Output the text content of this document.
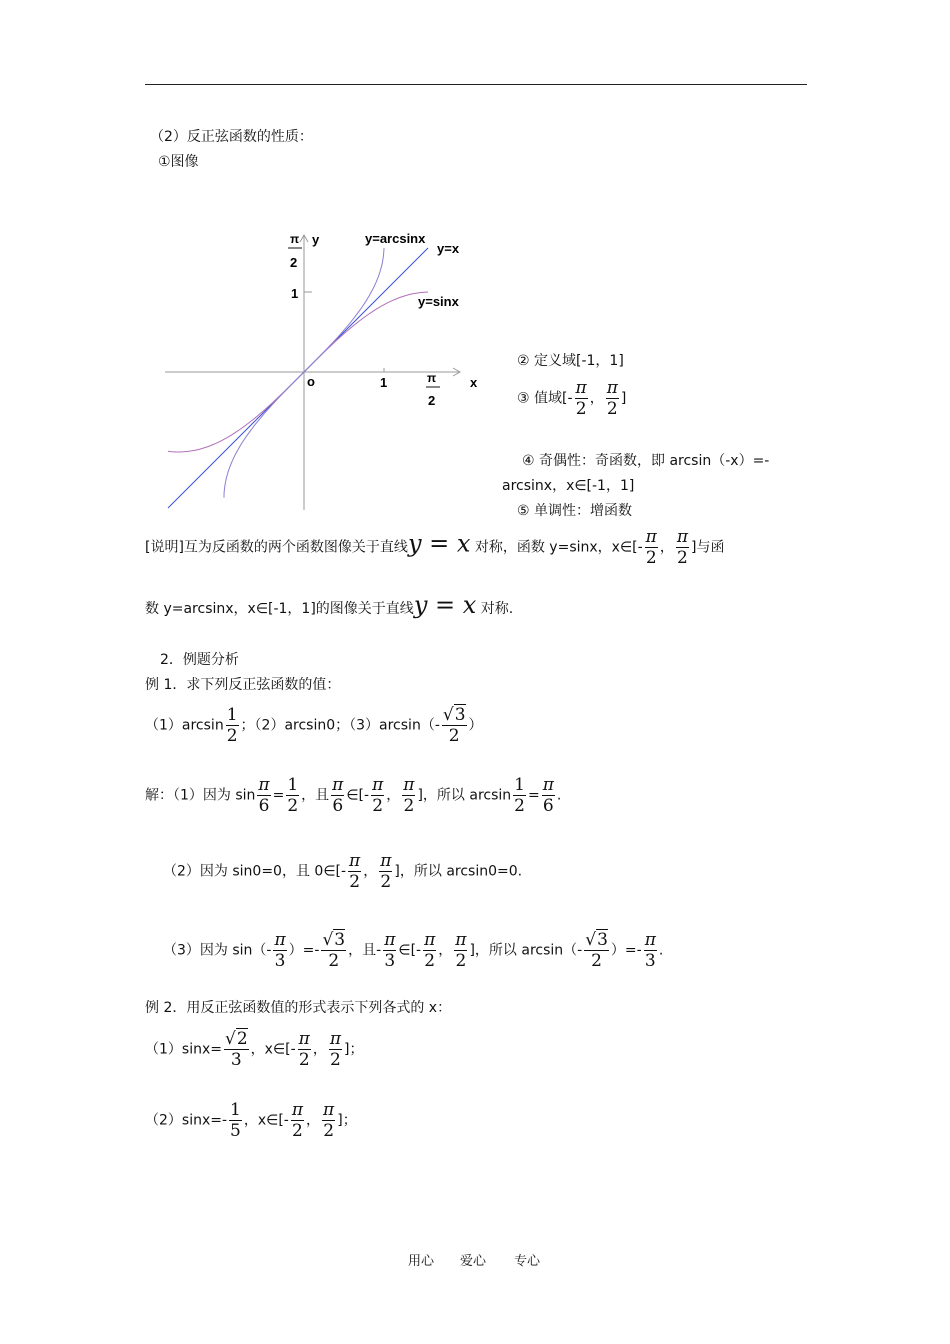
（2）反正弦函数的性质：
①图像
π
2
y
1
o	1	π
2
x
y=arcsinx
y=x
y=sinx
② 定义域[-1，1]
③ 值域[- $\frac{\pi}{2}$ ， $\frac{\pi}{2}$ ]
④ 奇偶性：奇函数，即 arcsin（-x）=-
arcsinx，x∈[-1，1]
⑤ 单调性：增函数
[说明]互为反函数的两个函数图像关于直线y = x 对称，函数 y=sinx，x∈[- $\frac{\pi}{2}$ ， $\frac{\pi}{2}$ ]与函
数 y=arcsinx，x∈[-1，1]的图像关于直线y = x 对称.
2．例题分析
例 1．求下列反正弦函数的值：
$(1)\arcsin \frac{1}{2}$ ；（2）arcsin0；$(3)\arcsin(- \frac{√3}{2}$ ）
解：（1）因为 $\sin \frac{\pi}{6} = \frac{1}{2}$ ，且 $\frac{\pi}{6}$ ∈[- $\frac{\pi}{2}$ ， $\frac{\pi}{2}$ ]，所以 $\arcsin \frac{1}{2} = \frac{\pi}{6}$ .
（2）因为 sin0=0，且 0∈[- $\frac{\pi}{2}$ ， $\frac{\pi}{2}$ ]，所以 arcsin0=0.
（3）因为 $\sin(- \frac{\pi}{3}$ ）=- $\frac{√3}{2}$ ，且- $\frac{\pi}{3}$ ∈[- $\frac{\pi}{2}$ ， $\frac{\pi}{2}$ ]，所以 $\arcsin(- \frac{√3}{2}$ ）=- $\frac{\pi}{3}$ .
例 2．用反正弦函数值的形式表示下列各式的 x：
$(1)\sin x= \frac{√2}{3}$ ，x∈[- $\frac{\pi}{2}$ ， $\frac{\pi}{2}$ ]；
$(2)\sin x=- \frac{1}{5}$ ，x∈[- $\frac{\pi}{2}$ ， $\frac{\pi}{2}$ ]；
用心 爱心 专心
